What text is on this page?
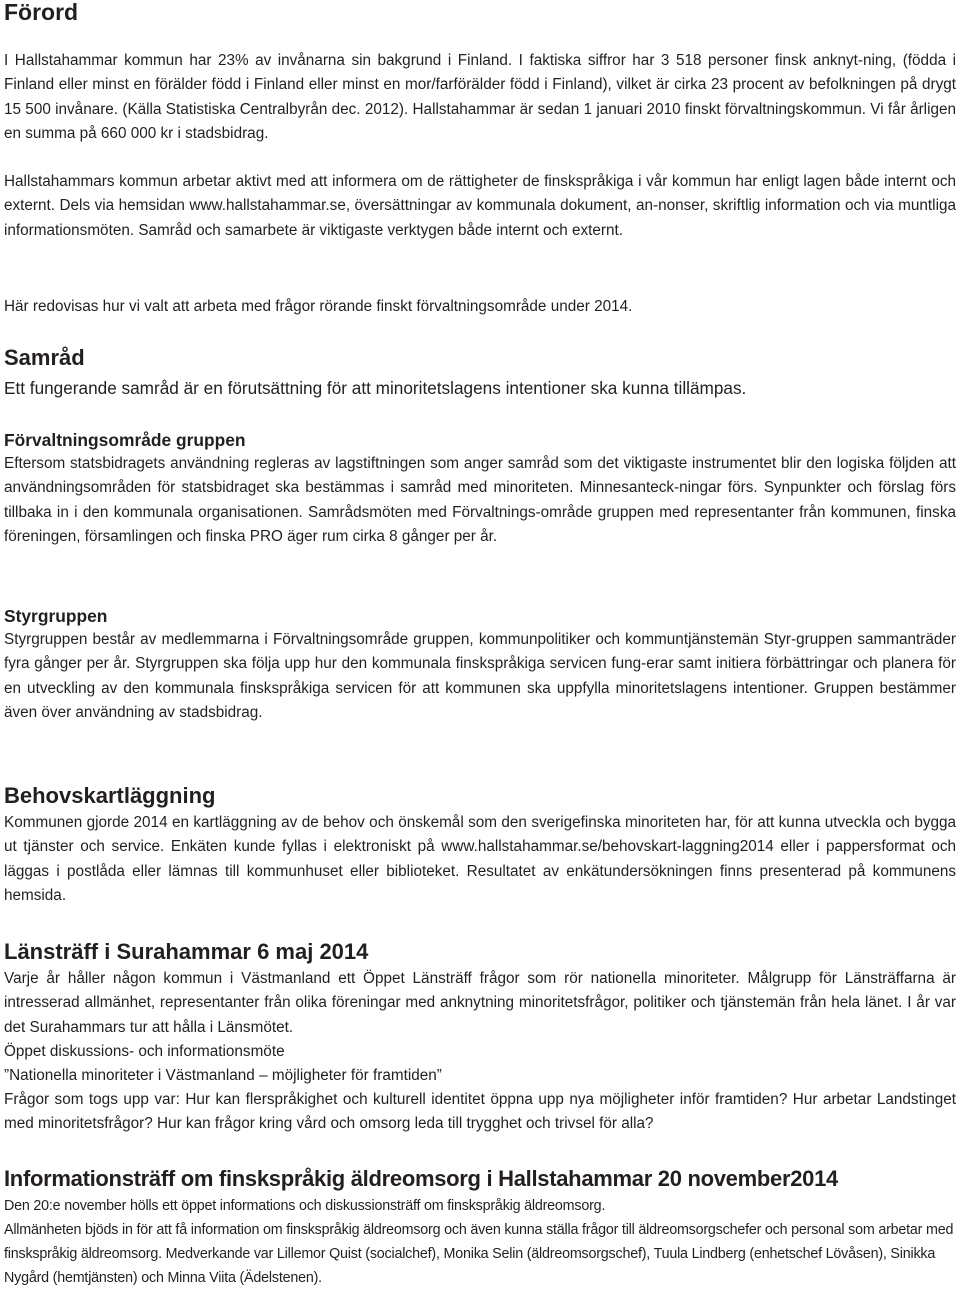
Förord

I Hallstahammar kommun har 23% av invånarna sin bakgrund i Finland. I faktiska siffror har 3 518 personer finsk anknyt-ning, (födda i Finland eller minst en förälder född i Finland eller minst en mor/farförälder född i Finland), vilket är cirka 23 procent av befolkningen på drygt 15 500 invånare. (Källa Statistiska Centralbyrån dec. 2012). Hallstahammar är sedan 1 januari 2010 finskt förvaltningskommun. Vi får årligen en summa på 660 000 kr i stadsbidrag.

Hallstahammars kommun arbetar aktivt med att informera om de rättigheter de finskspråkiga i vår kommun har enligt lagen både internt och externt. Dels via hemsidan www.hallstahammar.se, översättningar av kommunala dokument, an-nonser, skriftlig information och via muntliga informationsmöten. Samråd och samarbete är viktigaste verktygen både internt och externt.

Här redovisas hur vi valt att arbeta med frågor rörande finskt förvaltningsområde under 2014.

Samråd

Ett fungerande samråd är en förutsättning för att minoritetslagens intentioner ska kunna tillämpas.

Förvaltningsområde gruppen

Eftersom statsbidragets användning regleras av lagstiftningen som anger samråd som det viktigaste instrumentet blir den logiska följden att användningsområden för statsbidraget ska bestämmas i samråd med minoriteten. Minnesanteck-ningar förs. Synpunkter och förslag förs tillbaka in i den kommunala organisationen. Samrådsmöten med Förvaltnings-område gruppen med representanter från kommunen, finska föreningen, församlingen och finska PRO äger rum cirka 8 gånger per år.

Styrgruppen

Styrgruppen består av medlemmarna i Förvaltningsområde gruppen, kommunpolitiker och kommuntjänstemän Styr-gruppen sammanträder fyra gånger per år. Styrgruppen ska följa upp hur den kommunala finskspråkiga servicen fung-erar samt initiera förbättringar och planera för en utveckling av den kommunala finskspråkiga servicen för att kommunen ska uppfylla minoritetslagens intentioner. Gruppen bestämmer även över användning av stadsbidrag.

Behovskartläggning

Kommunen gjorde 2014 en kartläggning av de behov och önskemål som den sverigefinska minoriteten har, för att kunna utveckla och bygga ut tjänster och service. Enkäten kunde fyllas i elektroniskt på www.hallstahammar.se/behovskart-laggning2014 eller i pappersformat och läggas i postlåda eller lämnas till kommunhuset eller biblioteket. Resultatet av enkätundersökningen finns presenterad på kommunens hemsida.

Länsträff i Surahammar 6 maj 2014

Varje år håller någon kommun i Västmanland ett Öppet Länsträff frågor som rör nationella minoriteter. Målgrupp för Länsträffarna är intresserad allmänhet, representanter från olika föreningar med anknytning minoritetsfrågor, politiker och tjänstemän från hela länet. I år var det Surahammars tur att hålla i Länsmötet.

Öppet diskussions- och informationsmöte

”Nationella minoriteter i Västmanland – möjligheter för framtiden”

Frågor som togs upp var: Hur kan flerspråkighet och kulturell identitet öppna upp nya möjligheter inför framtiden? Hur arbetar Landstinget med minoritetsfrågor? Hur kan frågor kring vård och omsorg leda till trygghet och trivsel för alla?

Informationsträff om finskspråkig äldreomsorg i Hallstahammar 20 november2014

Den 20:e november hölls ett öppet informations och diskussionsträff om finskspråkig äldreomsorg.

Allmänheten bjöds in för att få information om finskspråkig äldreomsorg och även kunna ställa frågor till äldreomsorgschefer och personal som arbetar med finskspråkig äldreomsorg. Medverkande var Lillemor Quist (socialchef), Monika Selin (äldreomsorgschef), Tuula Lindberg (enhetschef Lövåsen), Sinikka Nygård (hemtjänsten) och Minna Viita (Ädelstenen).
